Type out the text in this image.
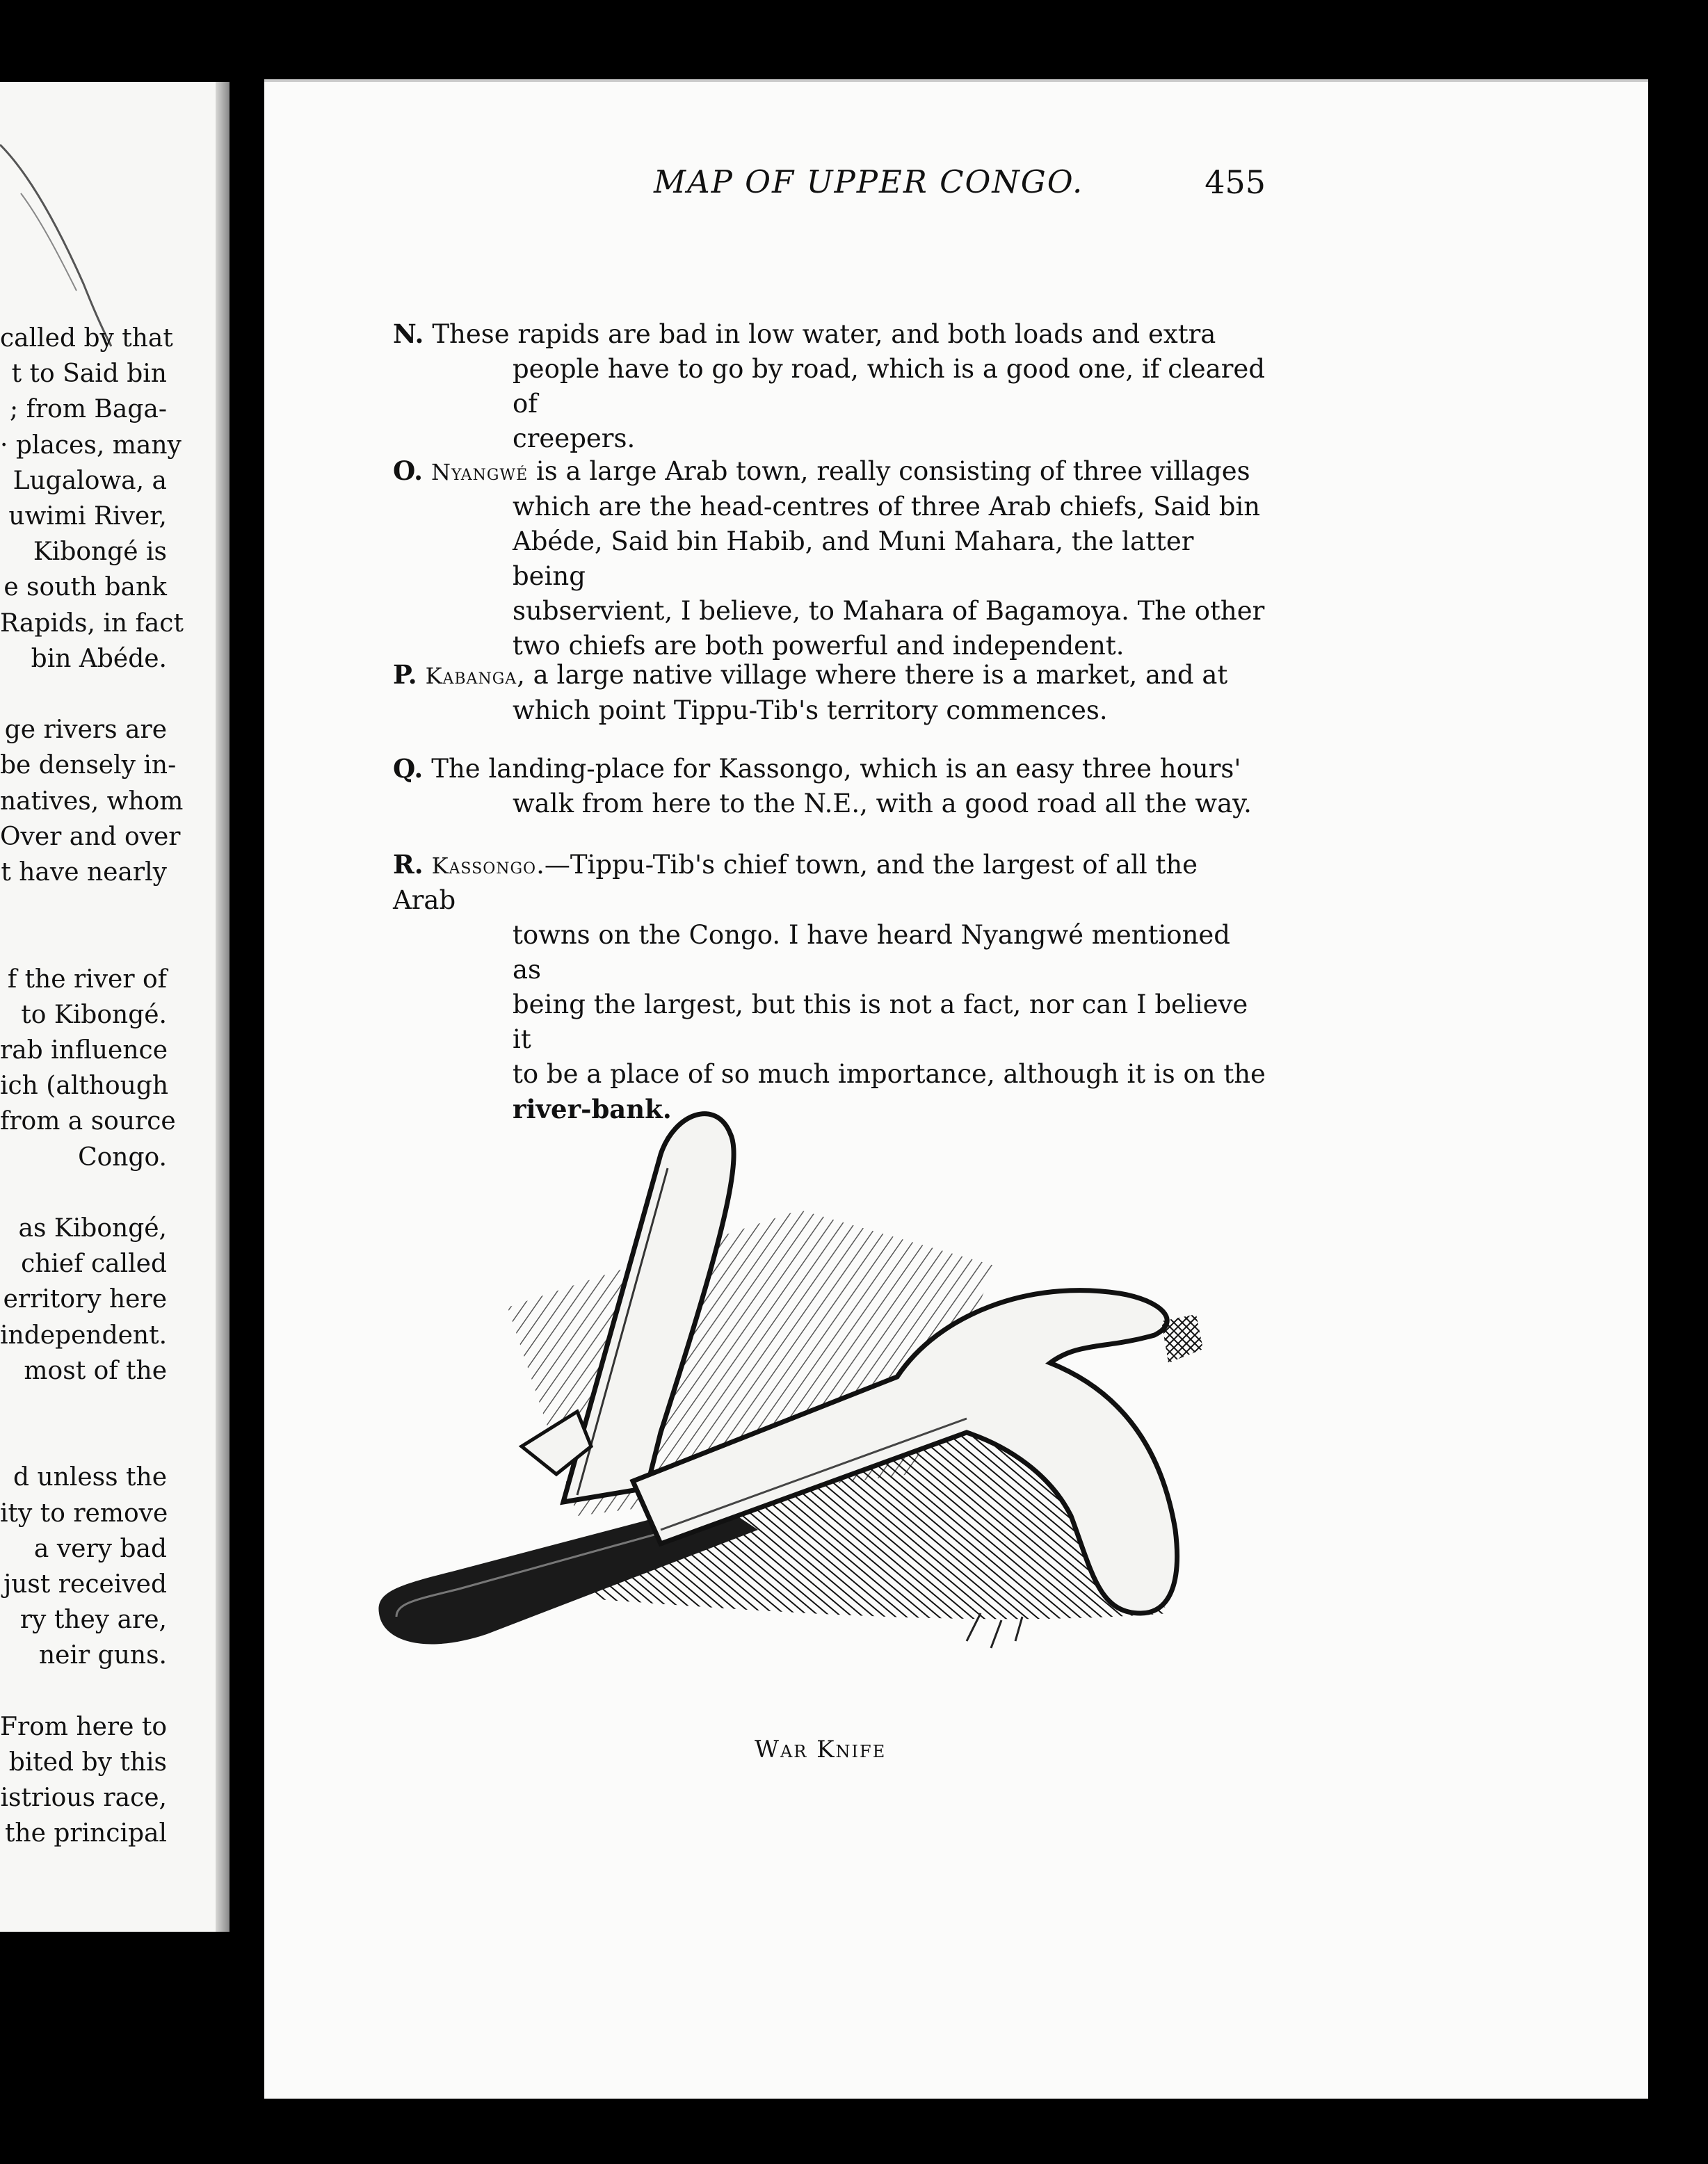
called by that
t to Said bin
; from Baga-
· places, many
Lugalowa, a
uwimi River,
Kibongé is
e south bank
Rapids, in fact
bin Abéde.
ge rivers are
be densely in-
natives, whom
Over and over
t have nearly
f the river of
to Kibongé.
rab influence
ich (although
from a source
Congo.
as Kibongé,
chief called
erritory here
independent.
most of the
d unless the
ity to remove
a very bad
just received
ry they are,
neir guns.
From here to
bited by this
istrious race,
the principal
MAP OF UPPER CONGO.	455
N. These rapids are bad in low water, and both loads and extra
people have to go by road, which is a good one, if cleared of
creepers.
O. Nyangwé is a large Arab town, really consisting of three villages
which are the head-centres of three Arab chiefs, Said bin
Abéde, Said bin Habib, and Muni Mahara, the latter being
subservient, I believe, to Mahara of Bagamoya. The other
two chiefs are both powerful and independent.
P. Kabanga, a large native village where there is a market, and at
which point Tippu-Tib's territory commences.
Q. The landing-place for Kassongo, which is an easy three hours'
walk from here to the N.E., with a good road all the way.
R. Kassongo.—Tippu-Tib's chief town, and the largest of all the Arab
towns on the Congo. I have heard Nyangwé mentioned as
being the largest, but this is not a fact, nor can I believe it
to be a place of so much importance, although it is on the
river-bank.
War Knife
